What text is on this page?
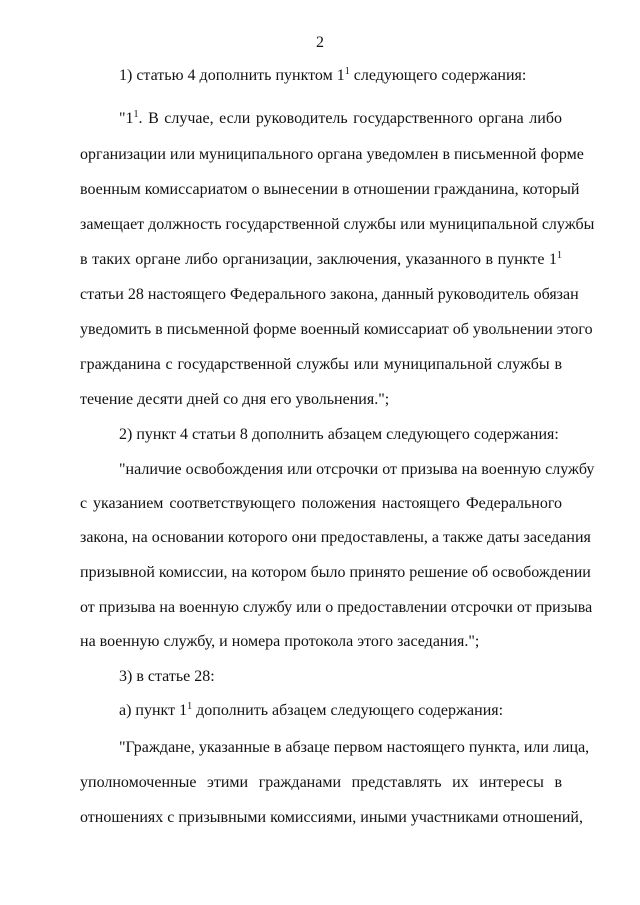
2
1) статью 4 дополнить пунктом $1^1$ следующего содержания:
"$1^1$. В случае, если руководитель государственного органа либо
организации или муниципального органа уведомлен в письменной форме
военным комиссариатом о вынесении в отношении гражданина, который
замещает должность государственной службы или муниципальной службы
в таких органе либо организации, заключения, указанного в пункте $1^1$
статьи 28 настоящего Федерального закона, данный руководитель обязан
уведомить в письменной форме военный комиссариат об увольнении этого
гражданина с государственной службы или муниципальной службы в
течение десяти дней со дня его увольнения.";
2) пункт 4 статьи 8 дополнить абзацем следующего содержания:
"наличие освобождения или отсрочки от призыва на военную службу
с указанием соответствующего положения настоящего Федерального
закона, на основании которого они предоставлены, а также даты заседания
призывной комиссии, на котором было принято решение об освобождении
от призыва на военную службу или о предоставлении отсрочки от призыва
на военную службу, и номера протокола этого заседания.";
3) в статье 28:
а) пункт $1^1$ дополнить абзацем следующего содержания:
"Граждане, указанные в абзаце первом настоящего пункта, или лица,
уполномоченные этими гражданами представлять их интересы в
отношениях с призывными комиссиями, иными участниками отношений,
